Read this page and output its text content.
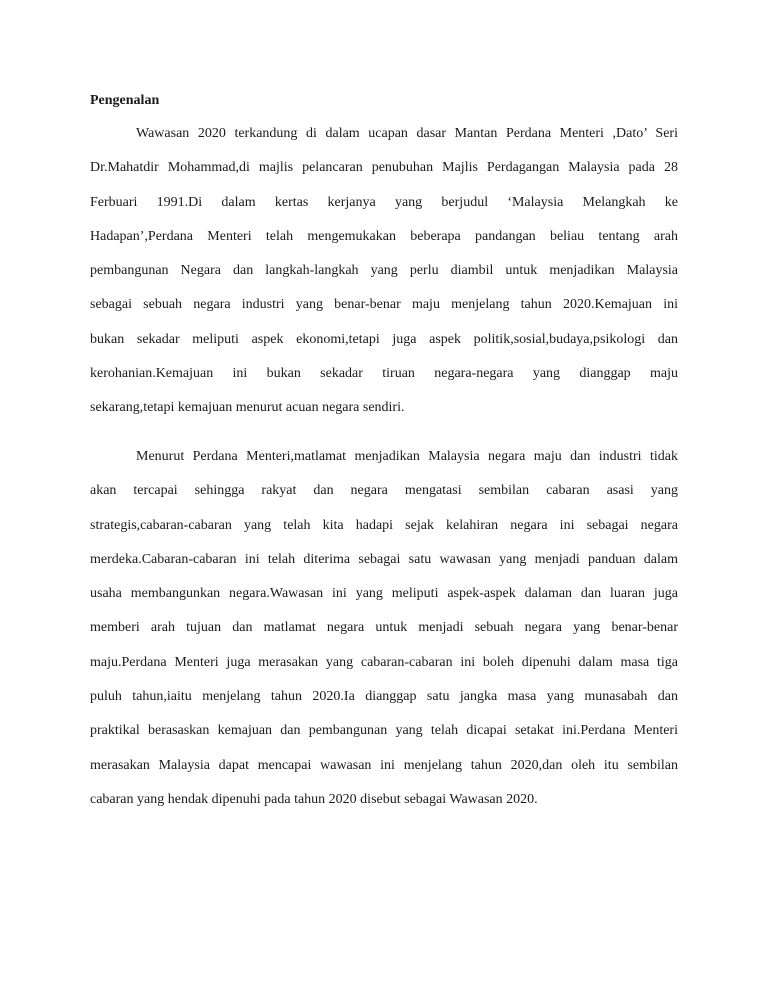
Pengenalan
Wawasan 2020 terkandung di dalam ucapan dasar Mantan Perdana Menteri ,Dato’ Seri
Dr.Mahatdir Mohammad,di majlis pelancaran penubuhan Majlis Perdagangan Malaysia pada 28
Ferbuari 1991.Di dalam kertas kerjanya yang berjudul ‘Malaysia Melangkah ke
Hadapan’,Perdana Menteri telah mengemukakan beberapa pandangan beliau tentang arah
pembangunan Negara dan langkah-langkah yang perlu diambil untuk menjadikan Malaysia
sebagai sebuah negara industri yang benar-benar maju menjelang tahun 2020.Kemajuan ini
bukan sekadar meliputi aspek ekonomi,tetapi juga aspek politik,sosial,budaya,psikologi dan
kerohanian.Kemajuan ini bukan sekadar tiruan negara-negara yang dianggap maju
sekarang,tetapi kemajuan menurut acuan negara sendiri.
Menurut Perdana Menteri,matlamat menjadikan Malaysia negara maju dan industri tidak
akan tercapai sehingga rakyat dan negara mengatasi sembilan cabaran asasi yang
strategis,cabaran-cabaran yang telah kita hadapi sejak kelahiran negara ini sebagai negara
merdeka.Cabaran-cabaran ini telah diterima sebagai satu wawasan yang menjadi panduan dalam
usaha membangunkan negara.Wawasan ini yang meliputi aspek-aspek dalaman dan luaran juga
memberi arah tujuan dan matlamat negara untuk menjadi sebuah negara yang benar-benar
maju.Perdana Menteri juga merasakan yang cabaran-cabaran ini boleh dipenuhi dalam masa tiga
puluh tahun,iaitu menjelang tahun 2020.Ia dianggap satu jangka masa yang munasabah dan
praktikal berasaskan kemajuan dan pembangunan yang telah dicapai setakat ini.Perdana Menteri
merasakan Malaysia dapat mencapai wawasan ini menjelang tahun 2020,dan oleh itu sembilan
cabaran yang hendak dipenuhi pada tahun 2020 disebut sebagai Wawasan 2020.
